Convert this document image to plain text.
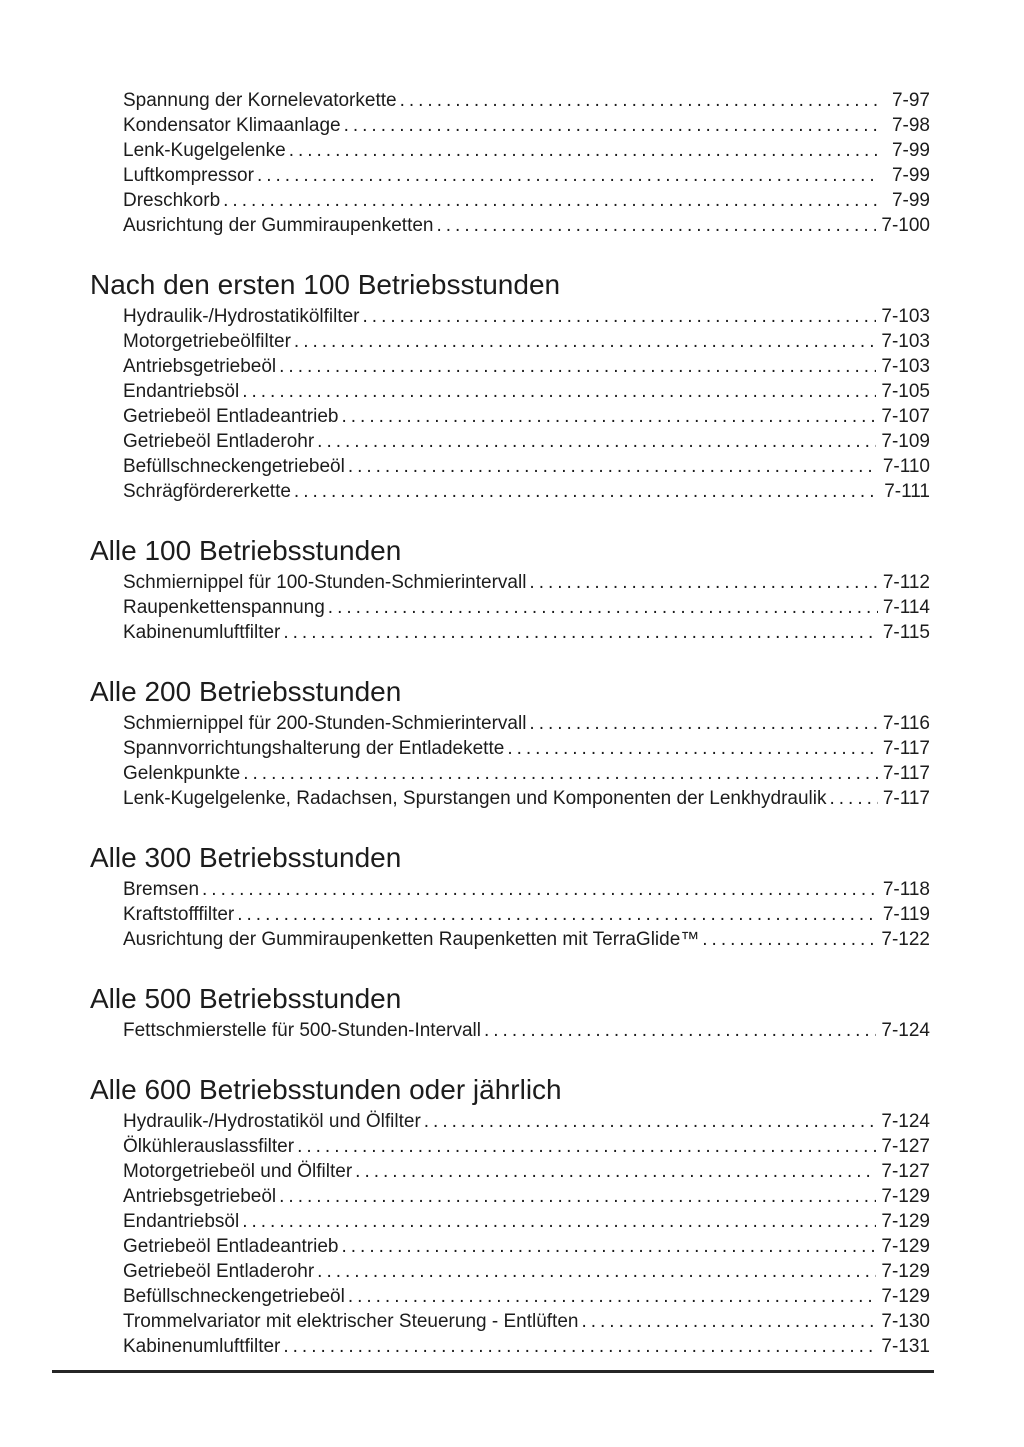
Spannung der Kornelevatorkette .....	7-97
Kondensator Klimaanlage .....	7-98
Lenk-Kugelgelenke .....	7-99
Luftkompressor .....	7-99
Dreschkorb .....	7-99
Ausrichtung der Gummiraupenketten .....	7-100
Nach den ersten 100 Betriebsstunden
Hydraulik-/Hydrostatikölfilter .....	7-103
Motorgetriebeölfilter .....	7-103
Antriebsgetriebeöl .....	7-103
Endantriebsöl .....	7-105
Getriebeöl Entladeantrieb .....	7-107
Getriebeöl Entladerohr .....	7-109
Befüllschneckengetriebeöl .....	7-110
Schrägfördererkette .....	7-111
Alle 100 Betriebsstunden
Schmiernippel für 100-Stunden-Schmierintervall .....	7-112
Raupenkettenspannung .....	7-114
Kabinenumluftfilter .....	7-115
Alle 200 Betriebsstunden
Schmiernippel für 200-Stunden-Schmierintervall .....	7-116
Spannvorrichtungshalterung der Entladekette .....	7-117
Gelenkpunkte .....	7-117
Lenk-Kugelgelenke, Radachsen, Spurstangen und Komponenten der Lenkhydraulik .....	7-117
Alle 300 Betriebsstunden
Bremsen .....	7-118
Kraftstofffilter .....	7-119
Ausrichtung der Gummiraupenketten Raupenketten mit TerraGlide™ .....	7-122
Alle 500 Betriebsstunden
Fettschmierstelle für 500-Stunden-Intervall .....	7-124
Alle 600 Betriebsstunden oder jährlich
Hydraulik-/Hydrostatiköl und Ölfilter .....	7-124
Ölkühlerauslassfilter .....	7-127
Motorgetriebeöl und Ölfilter .....	7-127
Antriebsgetriebeöl .....	7-129
Endantriebsöl .....	7-129
Getriebeöl Entladeantrieb .....	7-129
Getriebeöl Entladerohr .....	7-129
Befüllschneckengetriebeöl .....	7-129
Trommelvariator mit elektrischer Steuerung - Entlüften .....	7-130
Kabinenumluftfilter .....	7-131
